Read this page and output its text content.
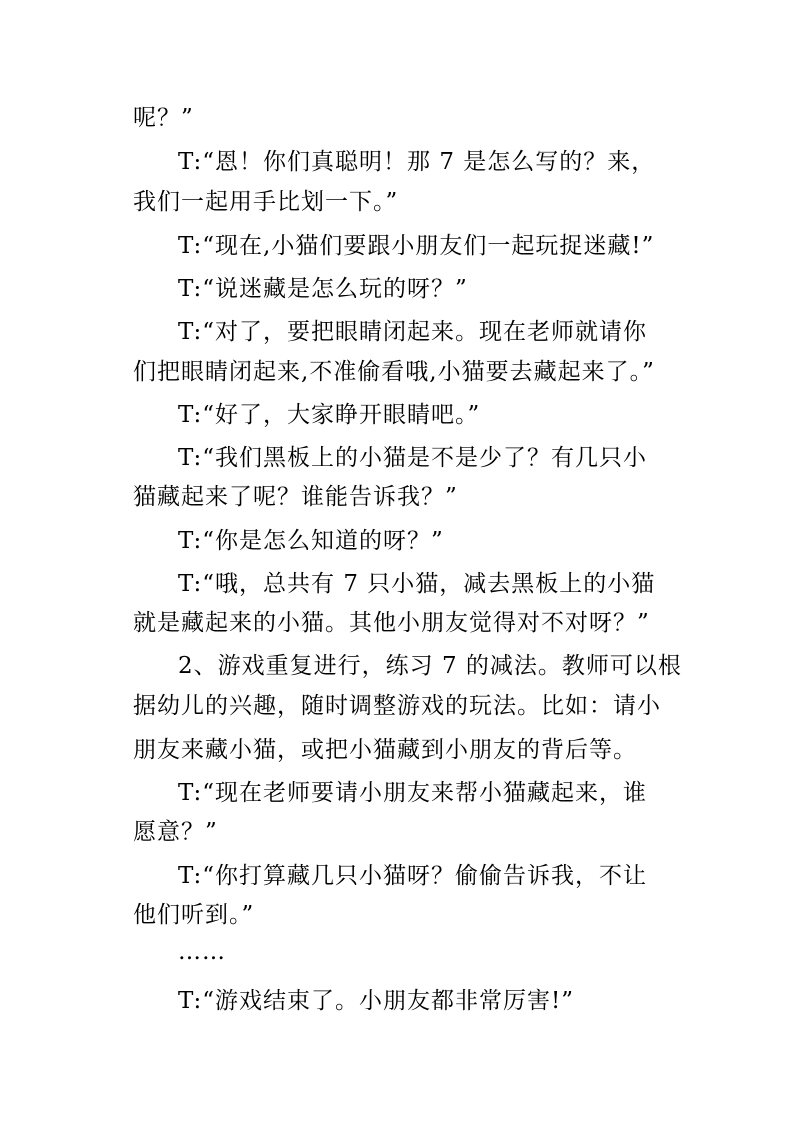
呢？”
T:“恩！你们真聪明！那 7 是怎么写的？来，
我们一起用手比划一下。”
T:“现在,小猫们要跟小朋友们一起玩捉迷藏!”
T:“说迷藏是怎么玩的呀？”
T:“对了，要把眼睛闭起来。现在老师就请你
们把眼睛闭起来,不准偷看哦,小猫要去藏起来了。”
T:“好了，大家睁开眼睛吧。”
T:“我们黑板上的小猫是不是少了？有几只小
猫藏起来了呢？谁能告诉我？”
T:“你是怎么知道的呀？”
T:“哦，总共有 7 只小猫，减去黑板上的小猫
就是藏起来的小猫。其他小朋友觉得对不对呀？”
2、游戏重复进行，练习 7 的减法。教师可以根
据幼儿的兴趣，随时调整游戏的玩法。比如：请小
朋友来藏小猫，或把小猫藏到小朋友的背后等。
T:“现在老师要请小朋友来帮小猫藏起来，谁
愿意？”
T:“你打算藏几只小猫呀？偷偷告诉我，不让
他们听到。”
……
T:“游戏结束了。小朋友都非常厉害!”
